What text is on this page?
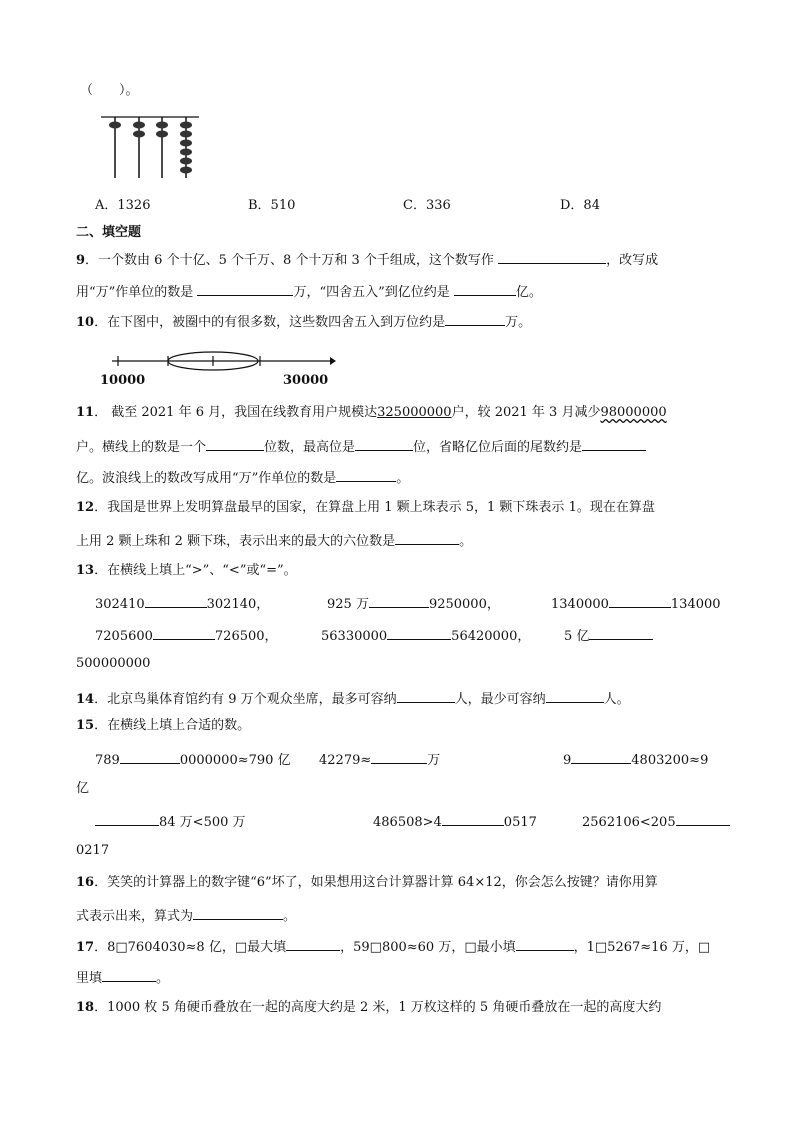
（　　）。
A．1326	B．510	C．336	D．84
二、填空题
9．一个数由 6 个十亿、5 个千万、8 个十万和 3 个千组成，这个数写作	，改写成
用“万”作单位的数是	万，“四舍五入”到亿位约是	亿。
10．在下图中，被圈中的有很多数，这些数四舍五入到万位约是	万。
10000	30000
11． 截至 2021 年 6 月，我国在线教育用户规模达325000000户，较 2021 年 3 月减少98000000
户。横线上的数是一个	位数，最高位是	位，省略亿位后面的尾数约是
亿。波浪线上的数改写成用“万”作单位的数是	。
12．我国是世界上发明算盘最早的国家，在算盘上用 1 颗上珠表示 5，1 颗下珠表示 1。现在在算盘
上用 2 颗上珠和 2 颗下珠，表示出来的最大的六位数是	。
13．在横线上填上“>”、“<”或“=”。
302410	302140，	925 万	9250000，	1340000	134000
7205600	726500，	56330000	56420000，	5 亿
500000000
14．北京鸟巢体育馆约有 9 万个观众坐席，最多可容纳	人，最少可容纳	人。
15．在横线上填上合适的数。
789	0000000≈790 亿 42279≈	万	9	4803200≈9
亿
84 万<500 万	486508>4	0517	2562106<205
0217
16．笑笑的计算器上的数字键“6”坏了，如果想用这台计算器计算 64×12，你会怎么按键？请你用算
式表示出来，算式为	。
17．8□7604030≈8 亿，□最大填	，59□800≈60 万，□最小填	，1□5267≈16 万，□
里填	。
18．1000 枚 5 角硬币叠放在一起的高度大约是 2 米，1 万枚这样的 5 角硬币叠放在一起的高度大约
